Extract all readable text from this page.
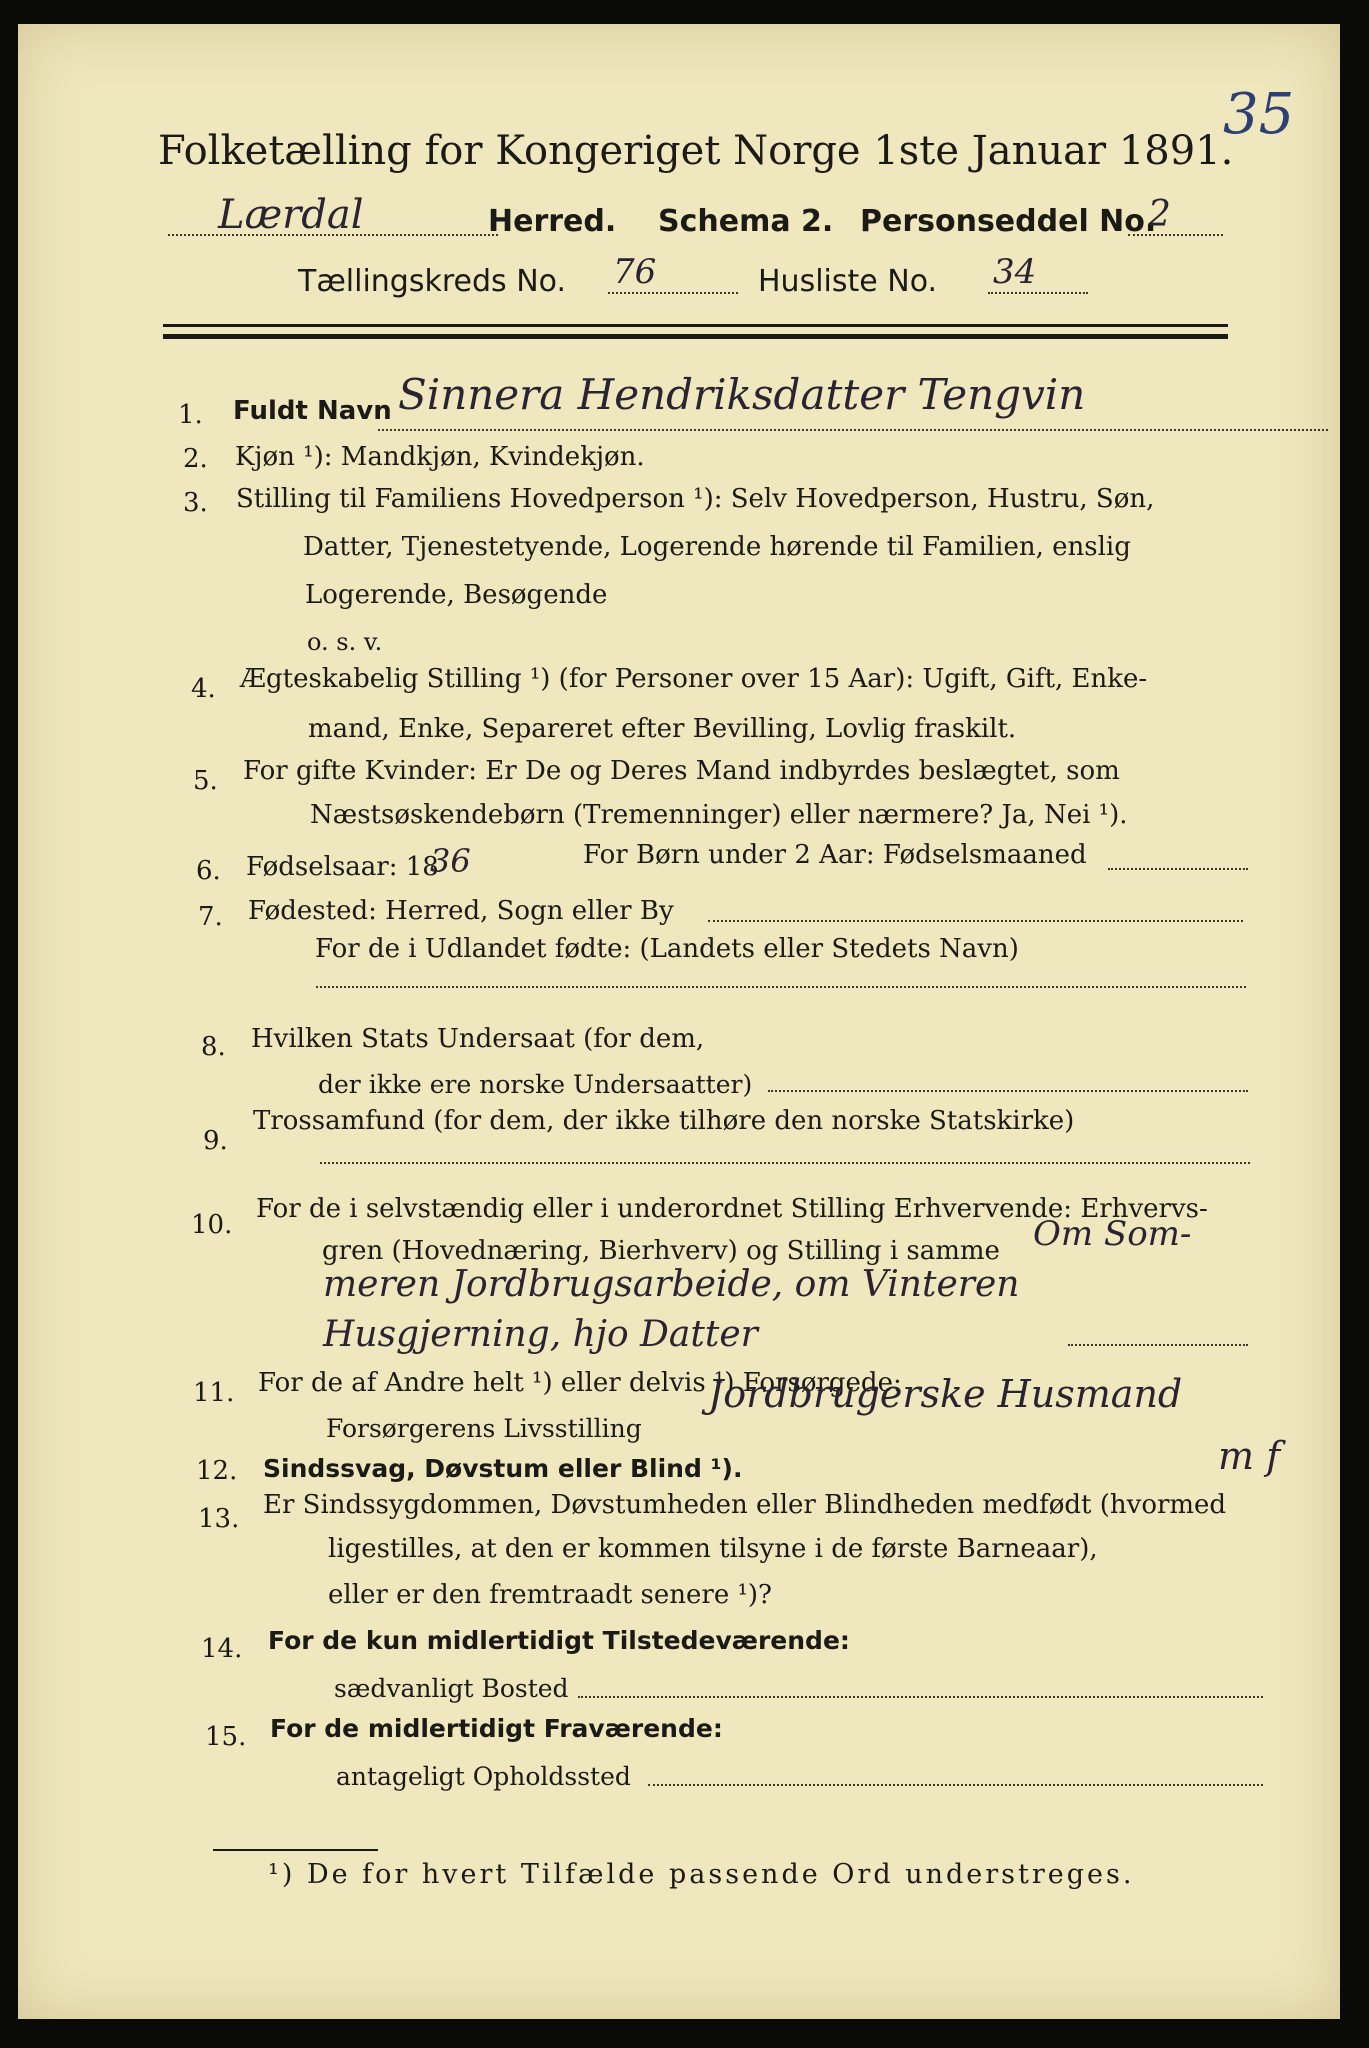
Folketælling for Kongeriget Norge 1ste Januar 1891.
35
Lærdal	Herred. Schema 2. Personseddel No.
2
Tællingskreds No. 76	Husliste No. 34
1. Fuldt Navn Sinnera Hendriksdatter Tengvin
2. Kjøn ¹): Mandkjøn, Kvindekjøn.
3. Stilling til Familiens Hovedperson ¹): Selv Hovedperson, Hustru, Søn,
Datter, Tjenestetyende, Logerende hørende til Familien, enslig
Logerende, Besøgende
o. s. v.
4. Ægteskabelig Stilling ¹) (for Personer over 15 Aar): Ugift, Gift, Enke-
mand, Enke, Separeret efter Bevilling, Lovlig fraskilt.
5. For gifte Kvinder: Er De og Deres Mand indbyrdes beslægtet, som
Næstsøskendebørn (Tremenninger) eller nærmere? Ja, Nei ¹).
6. Fødselsaar: 18
36	For Børn under 2 Aar: Fødselsmaaned
7. Fødested: Herred, Sogn eller By
For de i Udlandet fødte: (Landets eller Stedets Navn)
8. Hvilken Stats Undersaat (for dem,
der ikke ere norske Undersaatter)
9.
Trossamfund (for dem, der ikke tilhøre den norske Statskirke)
10.
For de i selvstændig eller i underordnet Stilling Erhvervende: Erhvervs-
gren (Hovednæring, Bierhverv) og Stilling i samme Om Som-
meren Jordbrugsarbeide, om Vinteren
Husgjerning, hjo Datter
11. For de af Andre helt ¹) eller delvis ¹) Forsørgede:
Forsørgerens Livsstilling
Jordbrugerske Husmand
12. Sindssvag, Døvstum eller Blind ¹).	m f
13. Er Sindssygdommen, Døvstumheden eller Blindheden medfødt (hvormed
ligestilles, at den er kommen tilsyne i de første Barneaar),
eller er den fremtraadt senere ¹)?
14. For de kun midlertidigt Tilstedeværende:
sædvanligt Bosted
15. For de midlertidigt Fraværende:
antageligt Opholdssted
¹) De for hvert Tilfælde passende Ord understreges.
